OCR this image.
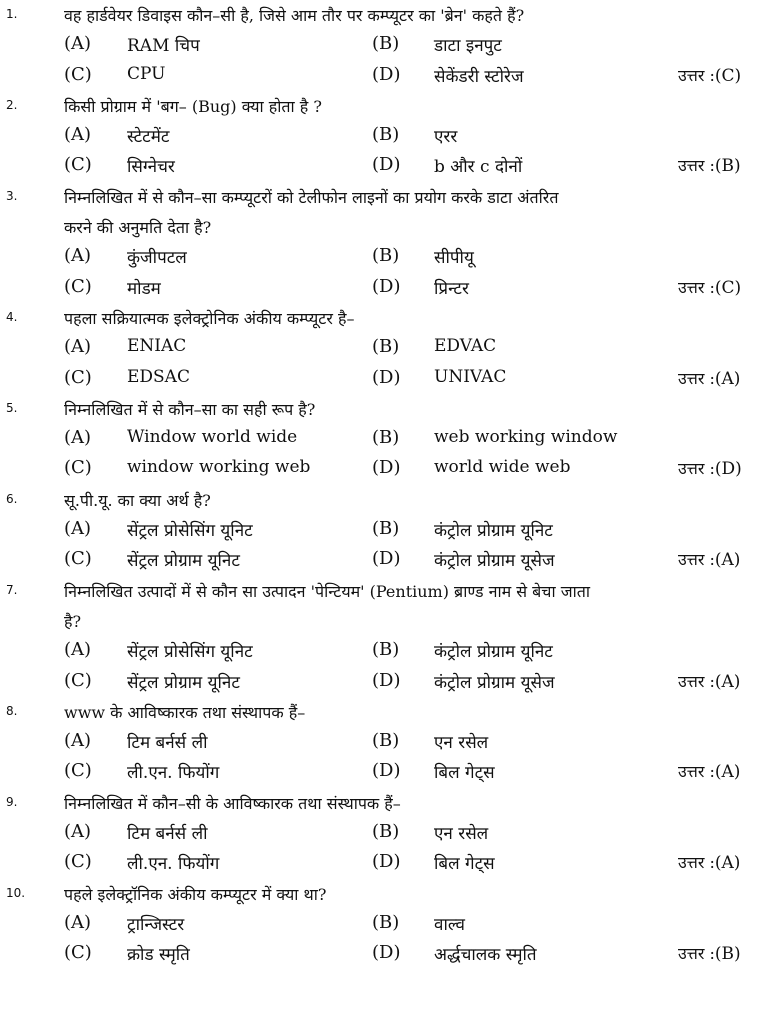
1.	वह हार्डवेयर डिवाइस कौन–सी है, जिसे आम तौर पर कम्प्यूटर का 'ब्रेन' कहते हैं?
(A) RAM चिप	(B) डाटा इनपुट
(C) CPU	(D) सेकेंडरी स्टोरेज	उत्तर :(C)
2.	किसी प्रोग्राम में 'बग– (Bug) क्या होता है ?
(A) स्टेटमेंट	(B) एरर
(C) सिग्नेचर	(D) b और c दोनों	उत्तर :(B)
3.	निम्नलिखित में से कौन–सा कम्प्यूटरों को टेलीफोन लाइनों का प्रयोग करके डाटा अंतरित
करने की अनुमति देता है?
(A) कुंजीपटल	(B) सीपीयू
(C) मोडम	(D) प्रिन्टर	उत्तर :(C)
4.	पहला सक्रियात्मक इलेक्ट्रोनिक अंकीय कम्प्यूटर है–
(A) ENIAC	(B) EDVAC
(C) EDSAC	(D) UNIVAC	उत्तर :(A)
5.	निम्नलिखित में से कौन–सा का सही रूप है?
(A) Window world wide	(B) web working window
(C) window working web	(D) world wide web	उत्तर :(D)
6.	सू.पी.यू. का क्या अर्थ है?
(A) सेंट्रल प्रोसेसिंग यूनिट	(B) कंट्रोल प्रोग्राम यूनिट
(C) सेंट्रल प्रोग्राम यूनिट	(D) कंट्रोल प्रोग्राम यूसेज	उत्तर :(A)
7.	निम्नलिखित उत्पादों में से कौन सा उत्पादन 'पेन्टियम' (Pentium) ब्राण्ड नाम से बेचा जाता
है?
(A) सेंट्रल प्रोसेसिंग यूनिट	(B) कंट्रोल प्रोग्राम यूनिट
(C) सेंट्रल प्रोग्राम यूनिट	(D) कंट्रोल प्रोग्राम यूसेज	उत्तर :(A)
8.	www के आविष्कारक तथा संस्थापक हैं–
(A) टिम बर्नर्स ली	(B) एन रसेल
(C) ली.एन. फियोंग	(D) बिल गेट्स	उत्तर :(A)
9.	निम्नलिखित में कौन–सी के आविष्कारक तथा संस्थापक हैं–
(A) टिम बर्नर्स ली	(B) एन रसेल
(C) ली.एन. फियोंग	(D) बिल गेट्स	उत्तर :(A)
10. पहले इलेक्ट्रॉनिक अंकीय कम्प्यूटर में क्या था?
(A) ट्रान्जिस्टर	(B) वाल्व
(C) क्रोड स्मृति	(D) अर्द्धचालक स्मृति	उत्तर :(B)
